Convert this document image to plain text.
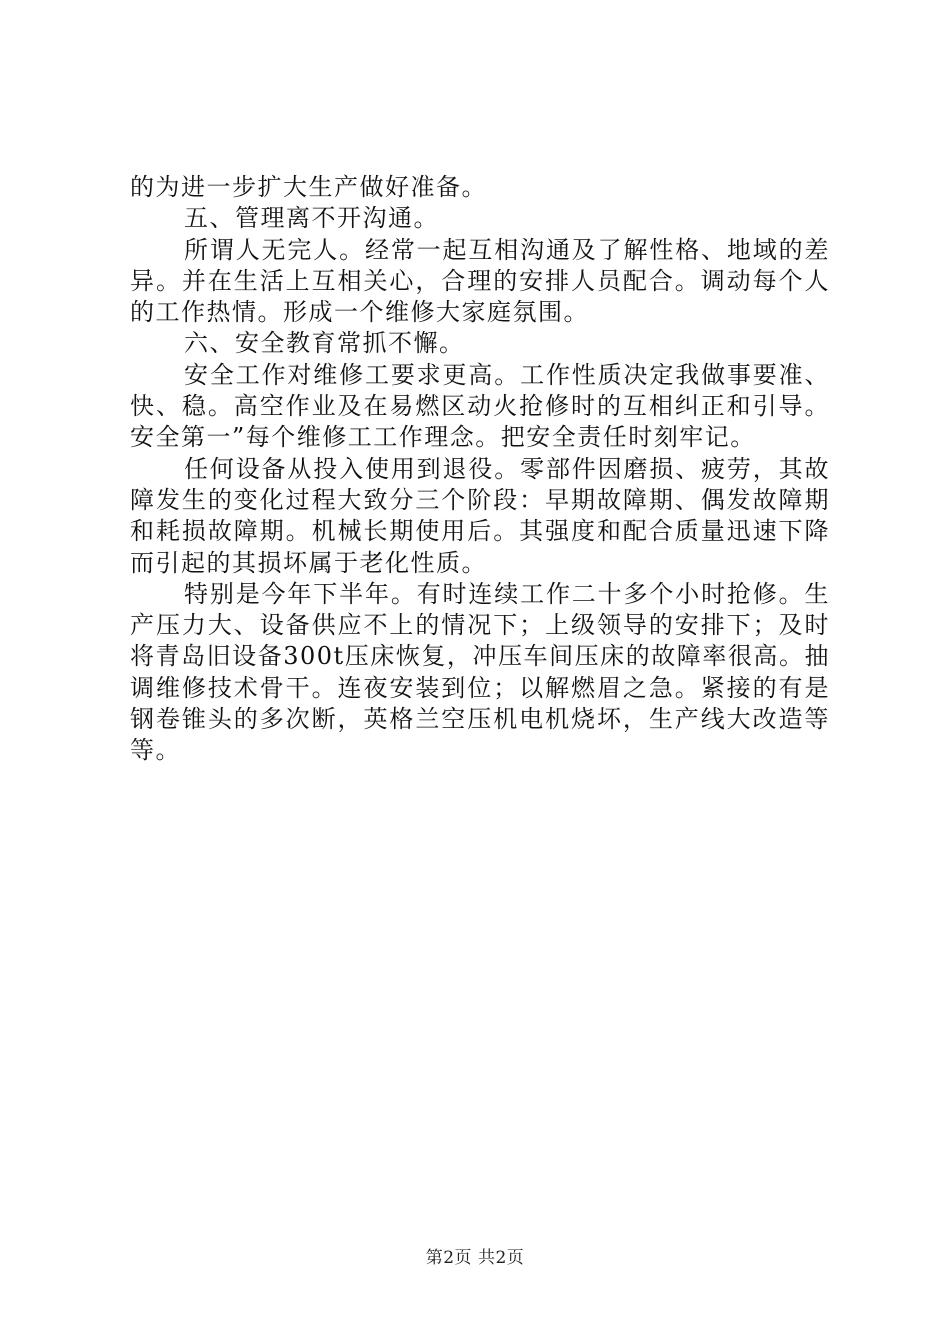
的为进一步扩大生产做好准备。

五、管理离不开沟通。

所谓人无完人。经常一起互相沟通及了解性格、地域的差异。并在生活上互相关心，合理的安排人员配合。调动每个人的工作热情。形成一个维修大家庭氛围。

六、安全教育常抓不懈。

安全工作对维修工要求更高。工作性质决定我做事要准、快、稳。高空作业及在易燃区动火抢修时的互相纠正和引导。安全第一”每个维修工工作理念。把安全责任时刻牢记。

任何设备从投入使用到退役。零部件因磨损、疲劳，其故障发生的变化过程大致分三个阶段：早期故障期、偶发故障期和耗损故障期。机械长期使用后。其强度和配合质量迅速下降而引起的其损坏属于老化性质。

特别是今年下半年。有时连续工作二十多个小时抢修。生产压力大、设备供应不上的情况下；上级领导的安排下；及时将青岛旧设备300t压床恢复，冲压车间压床的故障率很高。抽调维修技术骨干。连夜安装到位；以解燃眉之急。紧接的有是钢卷锥头的多次断，英格兰空压机电机烧坏，生产线大改造等等。

第2页 共2页
